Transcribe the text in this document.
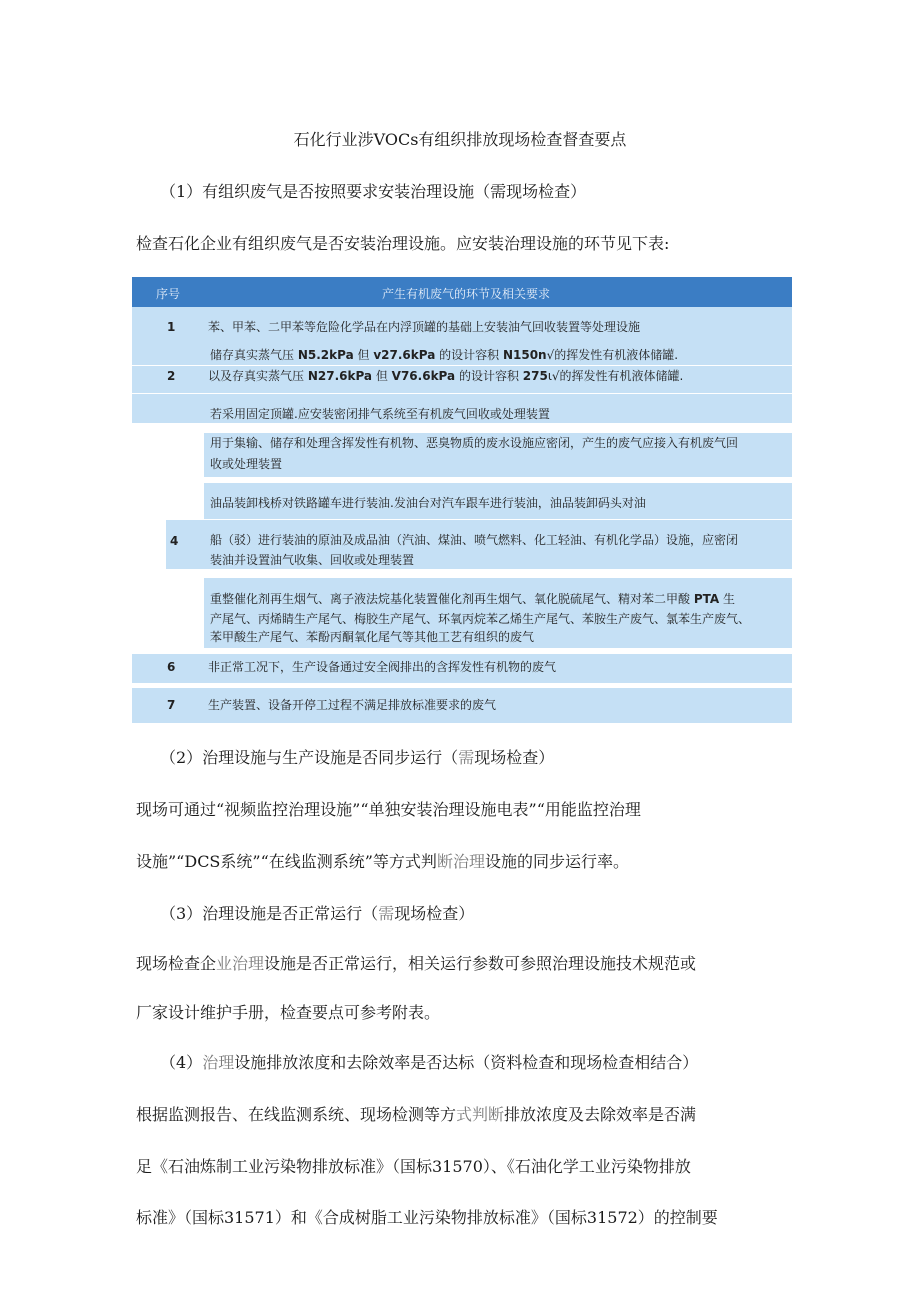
石化行业涉VOCs有组织排放现场检查督查要点
（1）有组织废气是否按照要求安装治理设施（需现场检查）
检查石化企业有组织废气是否安装治理设施。应安装治理设施的环节见下表:
序号	产生有机废气的环节及相关要求
1	苯、甲苯、二甲苯等危险化学品在内浮顶罐的基础上安装油气回收装置等处理设施
储存真实蒸气压 N5.2kPa 但 v27.6kPa 的设计容积 N150n√的挥发性有机液体储罐.
2	以及存真实蒸气压 N27.6kPa 但 V76.6kPa 的设计容积 275ι√的挥发性有机液体储罐.
若采用固定顶罐.应安装密闭排气系统至有机废气回收或处理装置
用于集输、储存和处理含挥发性有机物、恶臭物质的废水设施应密闭，产生的废气应接入有机废气回
收或处理装置
油品装卸栈桥对铁路罐车进行装油.发油台对汽车跟车进行装油，油品装卸码头对油
4	船（驳）进行装油的原油及成品油（汽油、煤油、喷气燃料、化工轻油、有机化学品）设施，应密闭
装油并设置油气收集、回收或处理装置
重整催化剂再生烟气、离子液法烷基化装置催化剂再生烟气、氧化脱硫尾气、精对苯二甲酸 PTA 生
产尾气、丙烯睛生产尾气、梅胶生产尾气、环氧丙烷苯乙烯生产尾气、苯胺生产废气、氯苯生产废气、
苯甲酸生产尾气、苯酚丙酮氧化尾气等其他工艺有组织的废气
6	非正常工况下，生产设备通过安全阀排出的含挥发性有机物的废气
7	生产装置、设备开停工过程不满足排放标准要求的废气
（2）治理设施与生产设施是否同步运行（需现场检查）
现场可通过“视频监控治理设施”“单独安装治理设施电表”“用能监控治理
设施”“DCS系统”“在线监测系统”等方式判断治理设施的同步运行率。
（3）治理设施是否正常运行（需现场检查）
现场检查企业治理设施是否正常运行，相关运行参数可参照治理设施技术规范或
厂家设计维护手册，检查要点可参考附表。
（4）治理设施排放浓度和去除效率是否达标（资料检查和现场检查相结合）
根据监测报告、在线监测系统、现场检测等方式判断排放浓度及去除效率是否满
足《石油炼制工业污染物排放标准》（国标31570）、《石油化学工业污染物排放
标准》（国标31571）和《合成树脂工业污染物排放标准》（国标31572）的控制要
